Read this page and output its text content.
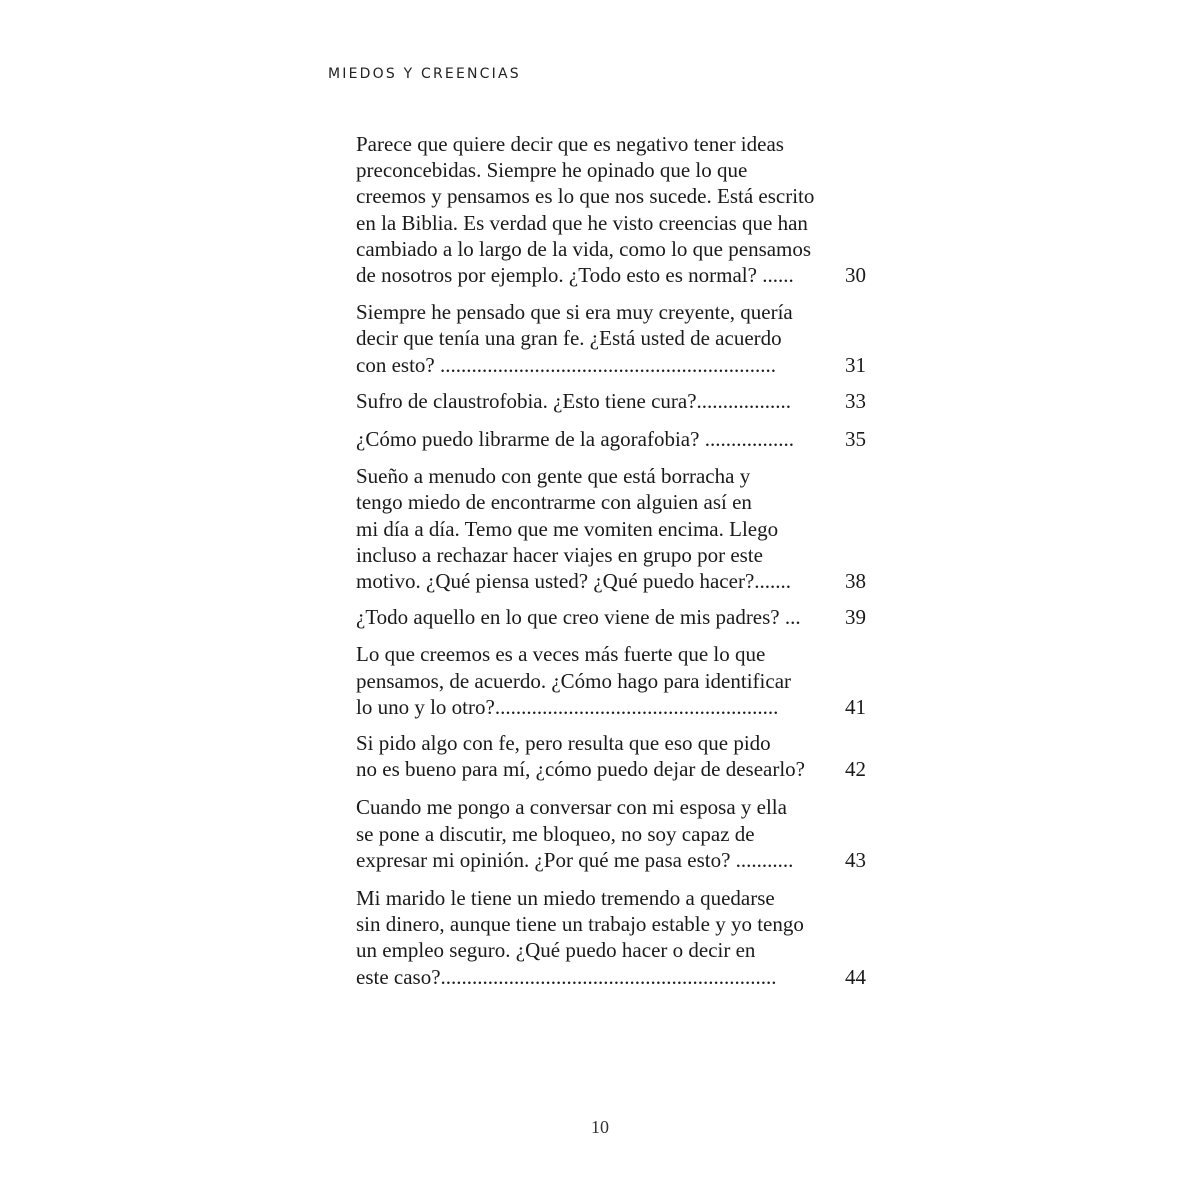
MIEDOS Y CREENCIAS
Parece que quiere decir que es negativo tener ideas
preconcebidas. Siempre he opinado que lo que
creemos y pensamos es lo que nos sucede. Está escrito
en la Biblia. Es verdad que he visto creencias que han
cambiado a lo largo de la vida, como lo que pensamos
de nosotros por ejemplo. ¿Todo esto es normal? ......	30
Siempre he pensado que si era muy creyente, quería
decir que tenía una gran fe. ¿Está usted de acuerdo
con esto? ................................................................	31
Sufro de claustrofobia. ¿Esto tiene cura?..................	33
¿Cómo puedo librarme de la agorafobia? .................	35
Sueño a menudo con gente que está borracha y
tengo miedo de encontrarme con alguien así en
mi día a día. Temo que me vomiten encima. Llego
incluso a rechazar hacer viajes en grupo por este
motivo. ¿Qué piensa usted? ¿Qué puedo hacer?.......	38
¿Todo aquello en lo que creo viene de mis padres? ...	39
Lo que creemos es a veces más fuerte que lo que
pensamos, de acuerdo. ¿Cómo hago para identificar
lo uno y lo otro?......................................................	41
Si pido algo con fe, pero resulta que eso que pido
no es bueno para mí, ¿cómo puedo dejar de desearlo?	42
Cuando me pongo a conversar con mi esposa y ella
se pone a discutir, me bloqueo, no soy capaz de
expresar mi opinión. ¿Por qué me pasa esto? ...........	43
Mi marido le tiene un miedo tremendo a quedarse
sin dinero, aunque tiene un trabajo estable y yo tengo
un empleo seguro. ¿Qué puedo hacer o decir en
este caso?................................................................	44
10
